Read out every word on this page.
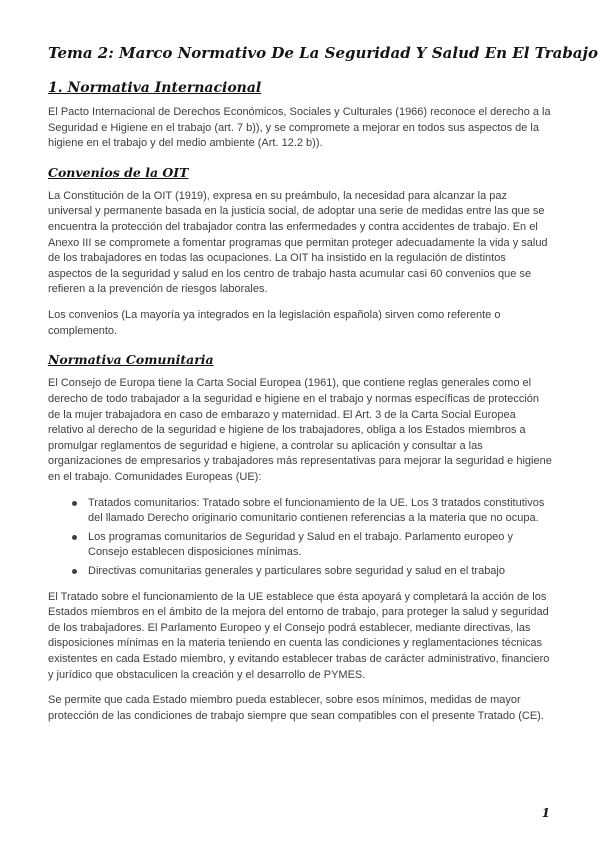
Tema 2: Marco Normativo De La Seguridad Y Salud En El Trabajo
1. Normativa Internacional

El Pacto Internacional de Derechos Económicos, Sociales y Culturales (1966) reconoce el derecho a la Seguridad e Higiene en el trabajo (art. 7 b)), y se compromete a mejorar en todos sus aspectos de la higiene en el trabajo y del medio ambiente (Art. 12.2 b)).

Convenios de la OIT

La Constitución de la OIT (1919), expresa en su preámbulo, la necesidad para alcanzar la paz universal y permanente basada en la justicia social, de adoptar una serie de medidas entre las que se encuentra la protección del trabajador contra las enfermedades y contra accidentes de trabajo. En el Anexo III se compromete a fomentar programas que permitan proteger adecuadamente la vida y salud de los trabajadores en todas las ocupaciones. La OIT ha insistido en la regulación de distintos aspectos de la seguridad y salud en los centro de trabajo hasta acumular casi 60 convenios que se refieren a la prevención de riesgos laborales.

Los convenios (La mayoría ya integrados en la legislación española) sirven como referente o complemento.

Normativa Comunitaria

El Consejo de Europa tiene la Carta Social Europea (1961), que contiene reglas generales como el derecho de todo trabajador a la seguridad e higiene en el trabajo y normas específicas de protección de la mujer trabajadora en caso de embarazo y maternidad. El Art. 3 de la Carta Social Europea relativo al derecho de la seguridad e higiene de los trabajadores, obliga a los Estados miembros a promulgar reglamentos de seguridad e higiene, a controlar su aplicación y consultar a las organizaciones de empresarios y trabajadores más representativas para mejorar la seguridad e higiene en el trabajo. Comunidades Europeas (UE):

Tratados comunitarios: Tratado sobre el funcionamiento de la UE. Los 3 tratados constitutivos del llamado Derecho originario comunitario contienen referencias a la materia que no ocupa.
Los programas comunitarios de Seguridad y Salud en el trabajo. Parlamento europeo y Consejo establecen disposiciones mínimas.
Directivas comunitarias generales y particulares sobre seguridad y salud en el trabajo

El Tratado sobre el funcionamiento de la UE establece que ésta apoyará y completará la acción de los Estados miembros en el ámbito de la mejora del entorno de trabajo, para proteger la salud y seguridad de los trabajadores. El Parlamento Europeo y el Consejo podrá establecer, mediante directivas, las disposiciones mínimas en la materia teniendo en cuenta las condiciones y reglamentaciones técnicas existentes en cada Estado miembro, y evitando establecer trabas de carácter administrativo, financiero y jurídico que obstaculicen la creación y el desarrollo de PYMES.

Se permite que cada Estado miembro pueda establecer, sobre esos mínimos, medidas de mayor protección de las condiciones de trabajo siempre que sean compatibles con el presente Tratado (CE).

1
